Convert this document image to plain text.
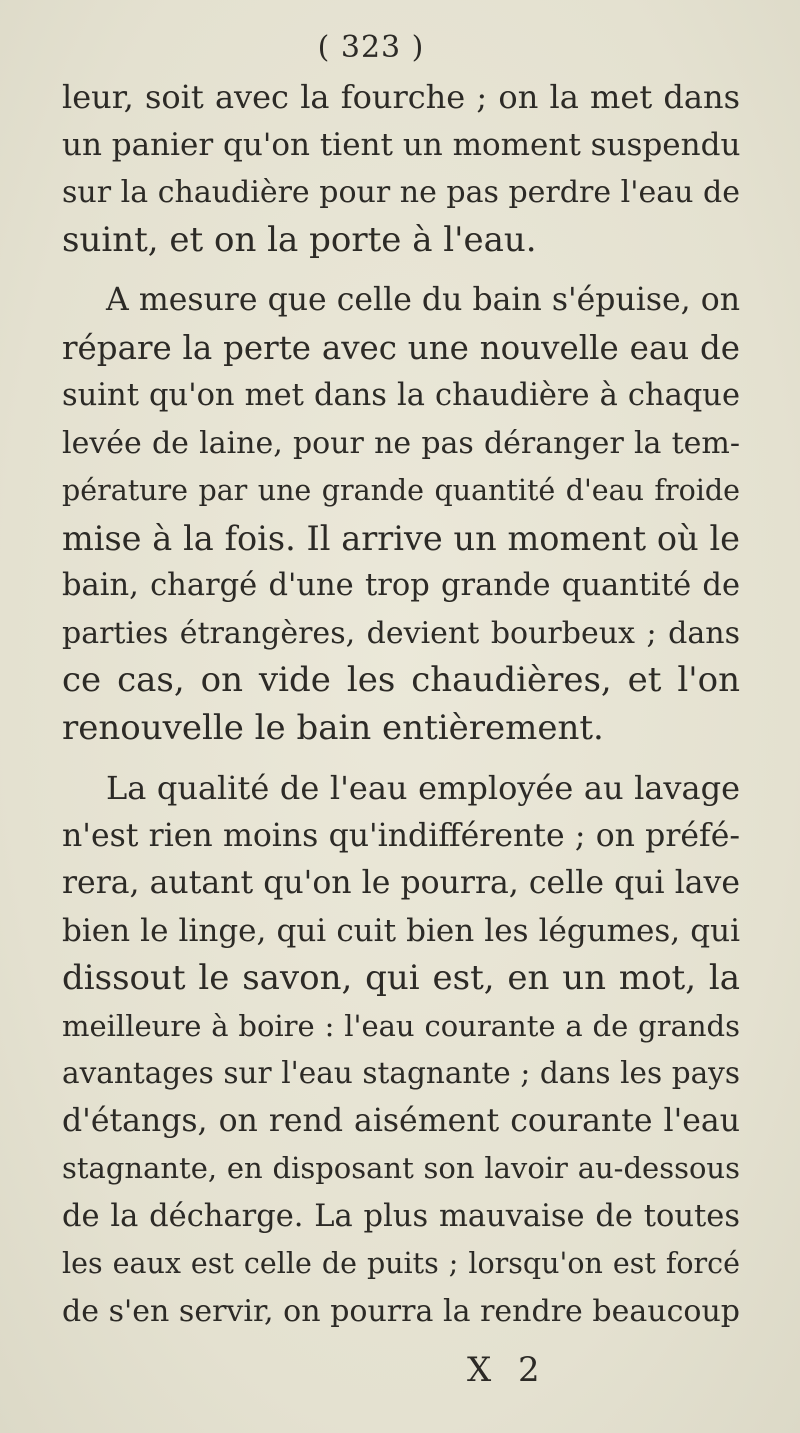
( 323 )
leur, soit avec la fourche ; on la met dans
un panier qu'on tient un moment suspendu
sur la chaudière pour ne pas perdre l'eau de
suint, et on la porte à l'eau.
A mesure que celle du bain s'épuise, on
répare la perte avec une nouvelle eau de
suint qu'on met dans la chaudière à chaque
levée de laine, pour ne pas déranger la tem-
pérature par une grande quantité d'eau froide
mise à la fois. Il arrive un moment où le
bain, chargé d'une trop grande quantité de
parties étrangères, devient bourbeux ; dans
ce cas, on vide les chaudières, et l'on
renouvelle le bain entièrement.
La qualité de l'eau employée au lavage
n'est rien moins qu'indifférente ; on préfé-
rera, autant qu'on le pourra, celle qui lave
bien le linge, qui cuit bien les légumes, qui
dissout le savon, qui est, en un mot, la
meilleure à boire : l'eau courante a de grands
avantages sur l'eau stagnante ; dans les pays
d'étangs, on rend aisément courante l'eau
stagnante, en disposant son lavoir au-dessous
de la décharge. La plus mauvaise de toutes
les eaux est celle de puits ; lorsqu'on est forcé
de s'en servir, on pourra la rendre beaucoup
X 2
